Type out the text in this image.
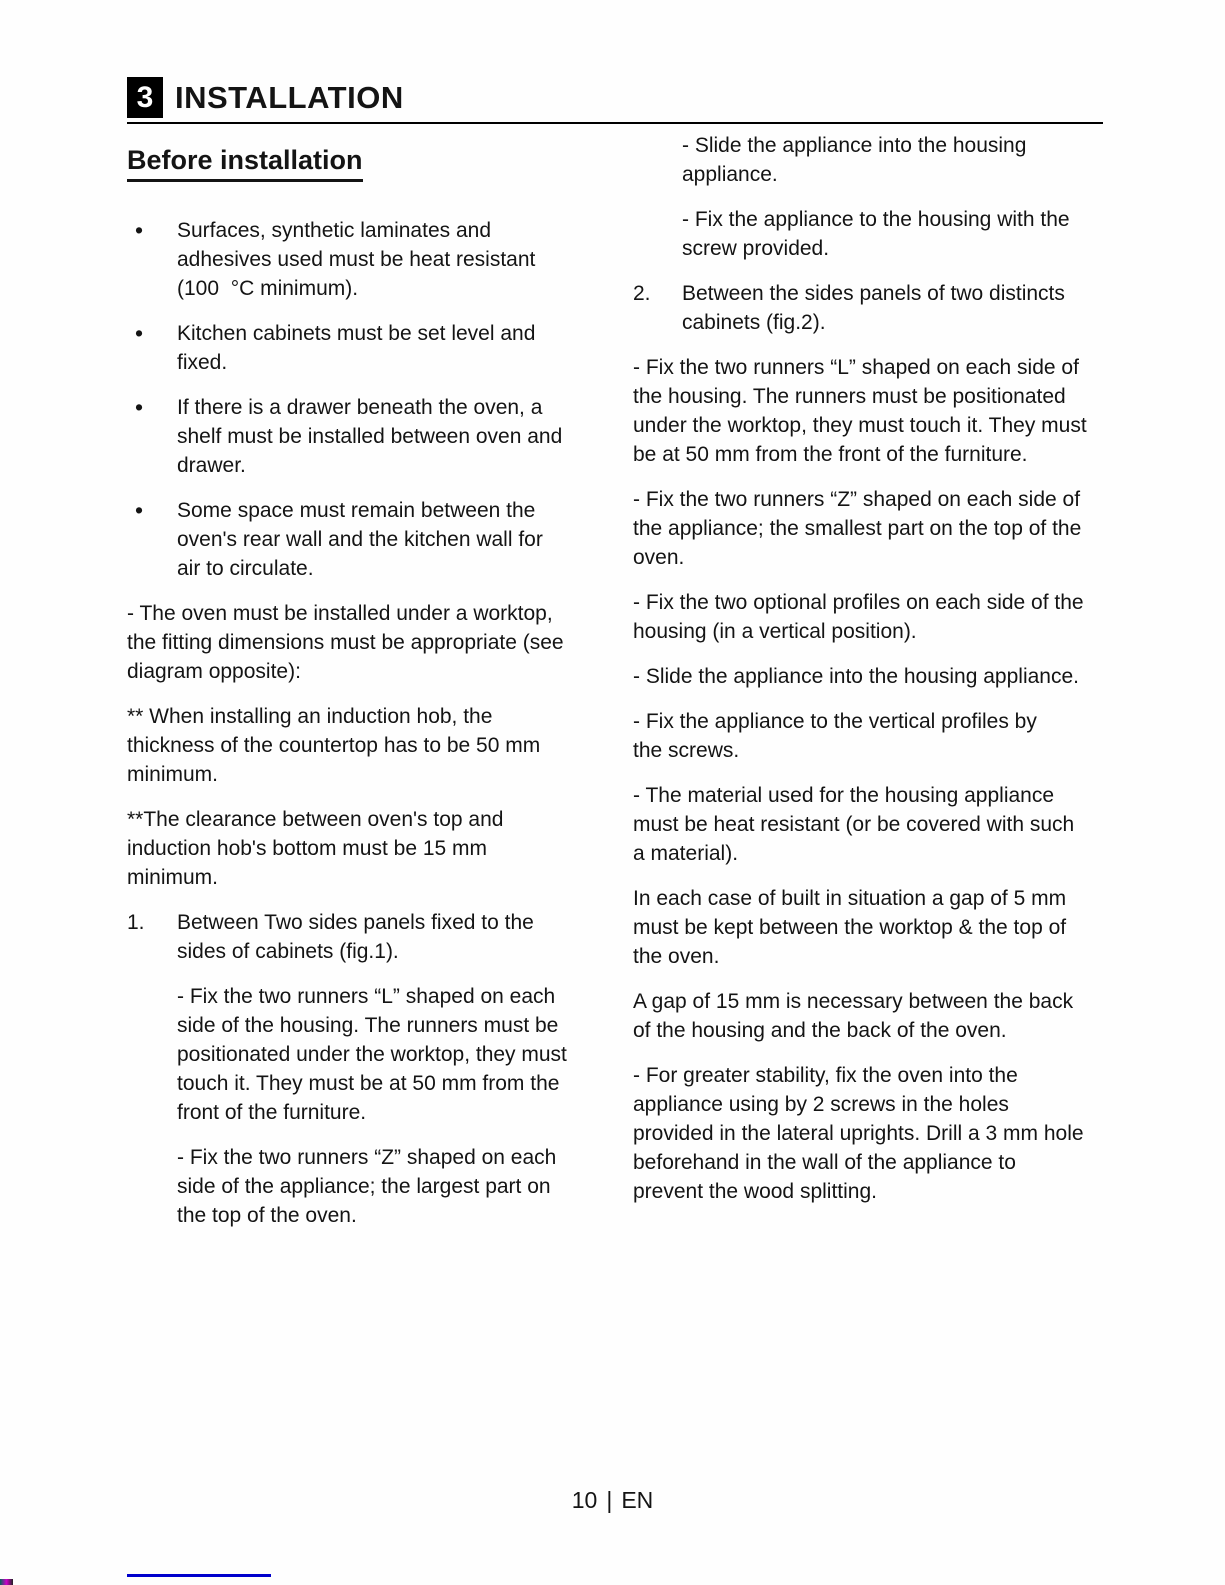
3 INSTALLATION
Before installation
•	Surfaces, synthetic laminates and adhesives used must be heat resistant (100  °C minimum).
•	Kitchen cabinets must be set level and fixed.
•	If there is a drawer beneath the oven, a shelf must be installed between oven and drawer.
•	Some space must remain between the oven's rear wall and the kitchen wall for air to circulate.

- The oven must be installed under a worktop, the fitting dimensions must be appropriate (see diagram opposite):

** When installing an induction hob, the thickness of the countertop has to be 50 mm minimum.

**The clearance between oven's top and induction hob's bottom must be 15 mm minimum.

1.	Between Two sides panels fixed to the sides of cabinets (fig.1).

- Fix the two runners “L” shaped on each side of the housing. The runners must be positionated under the worktop, they must touch it. They must be at 50 mm from the front of the furniture.

- Fix the two runners “Z” shaped on each side of the appliance; the largest part on the top of the oven.

- Slide the appliance into the housing appliance.

- Fix the appliance to the housing with the screw provided.

2.	Between the sides panels of two distincts cabinets (fig.2).

- Fix the two runners “L” shaped on each side of the housing. The runners must be positionated under the worktop, they must touch it. They must be at 50 mm from the front of the furniture.

- Fix the two runners “Z” shaped on each side of the appliance; the smallest part on the top of the oven.

- Fix the two optional profiles on each side of the housing (in a vertical position).

- Slide the appliance into the housing appliance.

- Fix the appliance to the vertical profiles by the screws.

- The material used for the housing appliance must be heat resistant (or be covered with such a material).

In each case of built in situation a gap of 5 mm must be kept between the worktop & the top of the oven.

A gap of 15 mm is necessary between the back of the housing and the back of the oven.

- For greater stability, fix the oven into the appliance using by 2 screws in the holes provided in the lateral uprights. Drill a 3 mm hole beforehand in the wall of the appliance to prevent the wood splitting.

10 | EN
